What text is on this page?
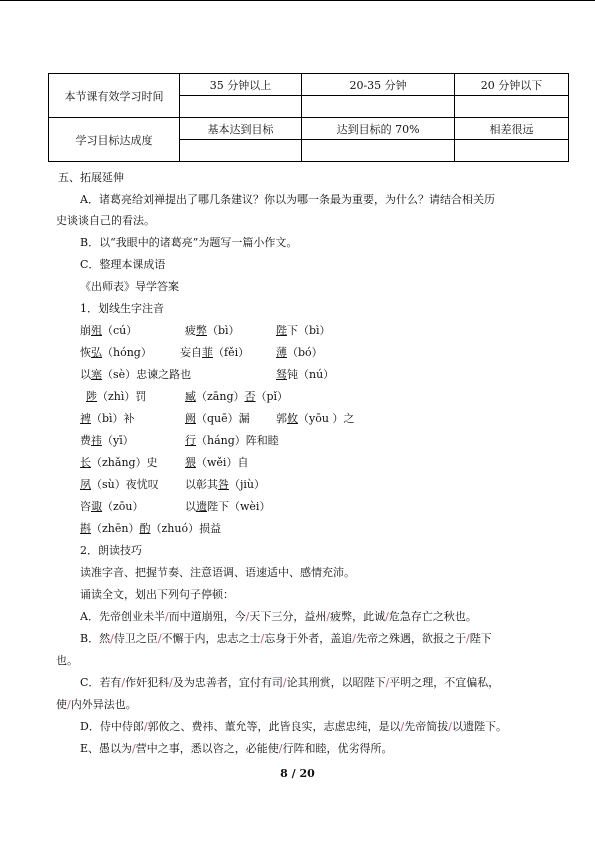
本节课有效学习时间	35 分钟以上	20-35 分钟	20 分钟以下

学习目标达成度	基本达到目标	达到目标的 70%	相差很远

五、拓展延伸
A．诸葛亮给刘禅提出了哪几条建议？你以为哪一条最为重要，为什么？请结合相关历
史谈谈自己的看法。
B．以“我眼中的诸葛亮”为题写一篇小作文。
C．整理本课成语
《出师表》导学答案
1．划线生字注音
崩殂（cú）	疲弊（bì）	陛下（bì）
恢弘（hóng）	妄自菲（fěi） 薄（bó）
以塞（sè）忠谏之路也	驽钝（nú）
陟（zhì）罚	臧（zāng）否（pǐ）
裨（bì）补	阙（quē）漏 郭攸（yōu ）之
费祎（yī）	行（háng）阵和睦
长（zhǎng）史 猥（wěi）自
夙（sù）夜忧叹 以彰其咎（jiù）
咨诹（zōu）	以遗陛下（wèi）
斟（zhēn）酌（zhuó）损益
2．朗读技巧
读准字音、把握节奏、注意语调、语速适中、感情充沛。
诵读全文，划出下列句子停顿：
A．先帝创业未半/而中道崩殂，今/天下三分，益州/疲弊，此诚/危急存亡之秋也。
B．然/侍卫之臣/不懈于内，忠志之士/忘身于外者，盖追/先帝之殊遇，欲报之于/陛下
也。
C．若有/作奸犯科/及为忠善者，宜付有司/论其刑赏，以昭陛下/平明之理，不宜偏私，
使/内外异法也。
D．侍中侍郎/郭攸之、费祎、董允等，此皆良实，志虑忠纯，是以/先帝简拔/以遗陛下。
E、愚以为/营中之事，悉以咨之，必能使/行阵和睦，优劣得所。
8 / 20
